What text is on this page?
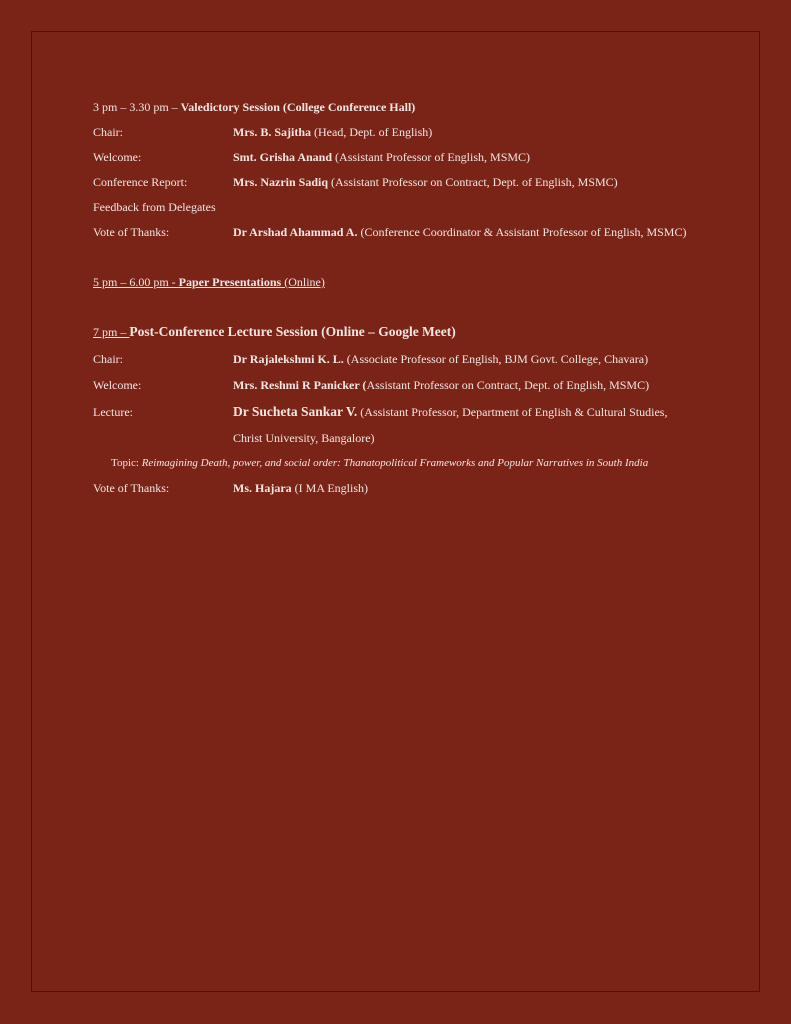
3 pm – 3.30 pm – Valedictory Session (College Conference Hall)
Chair:	Mrs. B. Sajitha (Head, Dept. of English)
Welcome:	Smt. Grisha Anand (Assistant Professor of English, MSMC)
Conference Report:	Mrs. Nazrin Sadiq (Assistant Professor on Contract, Dept. of English, MSMC)
Feedback from Delegates
Vote of Thanks:	Dr Arshad Ahammad A. (Conference Coordinator & Assistant Professor of English, MSMC)
5 pm – 6.00 pm - Paper Presentations (Online)
7 pm – Post-Conference Lecture Session (Online – Google Meet)
Chair:	Dr Rajalekshmi K. L. (Associate Professor of English, BJM Govt. College, Chavara)
Welcome:	Mrs. Reshmi R Panicker (Assistant Professor on Contract, Dept. of English, MSMC)
Lecture:	Dr Sucheta Sankar V. (Assistant Professor, Department of English & Cultural Studies,
Christ University, Bangalore)
Topic: Reimagining Death, power, and social order: Thanatopolitical Frameworks and Popular Narratives in South India
Vote of Thanks:	Ms. Hajara (I MA English)
